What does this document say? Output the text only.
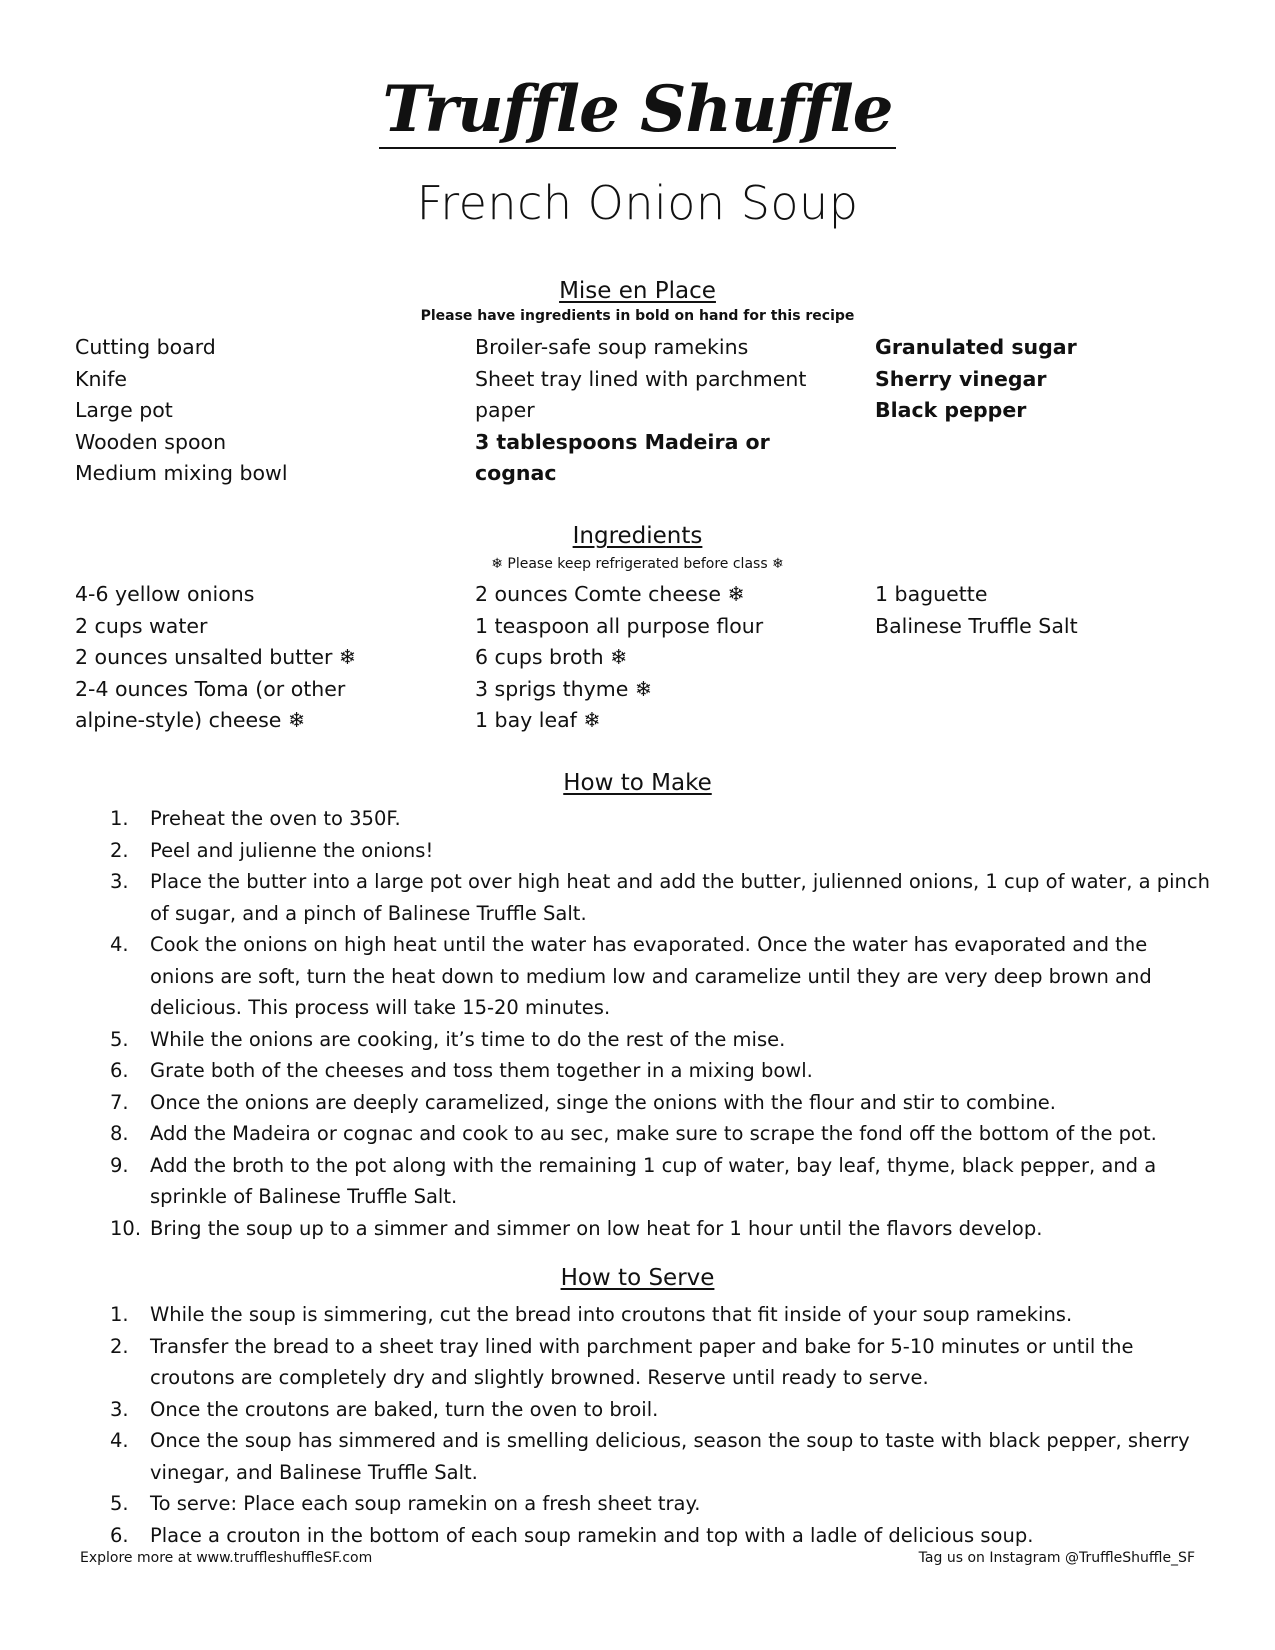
Truffle Shuffle
French Onion Soup
Mise en Place
Please have ingredients in bold on hand for this recipe
Cutting board
Knife
Large pot
Wooden spoon
Medium mixing bowl
Broiler-safe soup ramekins
Sheet tray lined with parchment
paper
3 tablespoons Madeira or
cognac
Granulated sugar
Sherry vinegar
Black pepper
Ingredients
❄ Please keep refrigerated before class ❄
4-6 yellow onions
2 cups water
2 ounces unsalted butter ❄
2-4 ounces Toma (or other
alpine-style) cheese ❄
2 ounces Comte cheese ❄
1 teaspoon all purpose flour
6 cups broth ❄
3 sprigs thyme ❄
1 bay leaf ❄
1 baguette
Balinese Truffle Salt
How to Make
1. Preheat the oven to 350F.
2. Peel and julienne the onions!
3. Place the butter into a large pot over high heat and add the butter, julienned onions, 1 cup of water, a pinch of sugar, and a pinch of Balinese Truffle Salt.
4. Cook the onions on high heat until the water has evaporated. Once the water has evaporated and the onions are soft, turn the heat down to medium low and caramelize until they are very deep brown and delicious. This process will take 15-20 minutes.
5. While the onions are cooking, it’s time to do the rest of the mise.
6. Grate both of the cheeses and toss them together in a mixing bowl.
7. Once the onions are deeply caramelized, singe the onions with the flour and stir to combine.
8. Add the Madeira or cognac and cook to au sec, make sure to scrape the fond off the bottom of the pot.
9. Add the broth to the pot along with the remaining 1 cup of water, bay leaf, thyme, black pepper, and a sprinkle of Balinese Truffle Salt.
10. Bring the soup up to a simmer and simmer on low heat for 1 hour until the flavors develop.
How to Serve
1. While the soup is simmering, cut the bread into croutons that fit inside of your soup ramekins.
2. Transfer the bread to a sheet tray lined with parchment paper and bake for 5-10 minutes or until the croutons are completely dry and slightly browned. Reserve until ready to serve.
3. Once the croutons are baked, turn the oven to broil.
4. Once the soup has simmered and is smelling delicious, season the soup to taste with black pepper, sherry vinegar, and Balinese Truffle Salt.
5. To serve: Place each soup ramekin on a fresh sheet tray.
6. Place a crouton in the bottom of each soup ramekin and top with a ladle of delicious soup.
Explore more at www.truffleshuffleSF.com	Tag us on Instagram @TruffleShuffle_SF
